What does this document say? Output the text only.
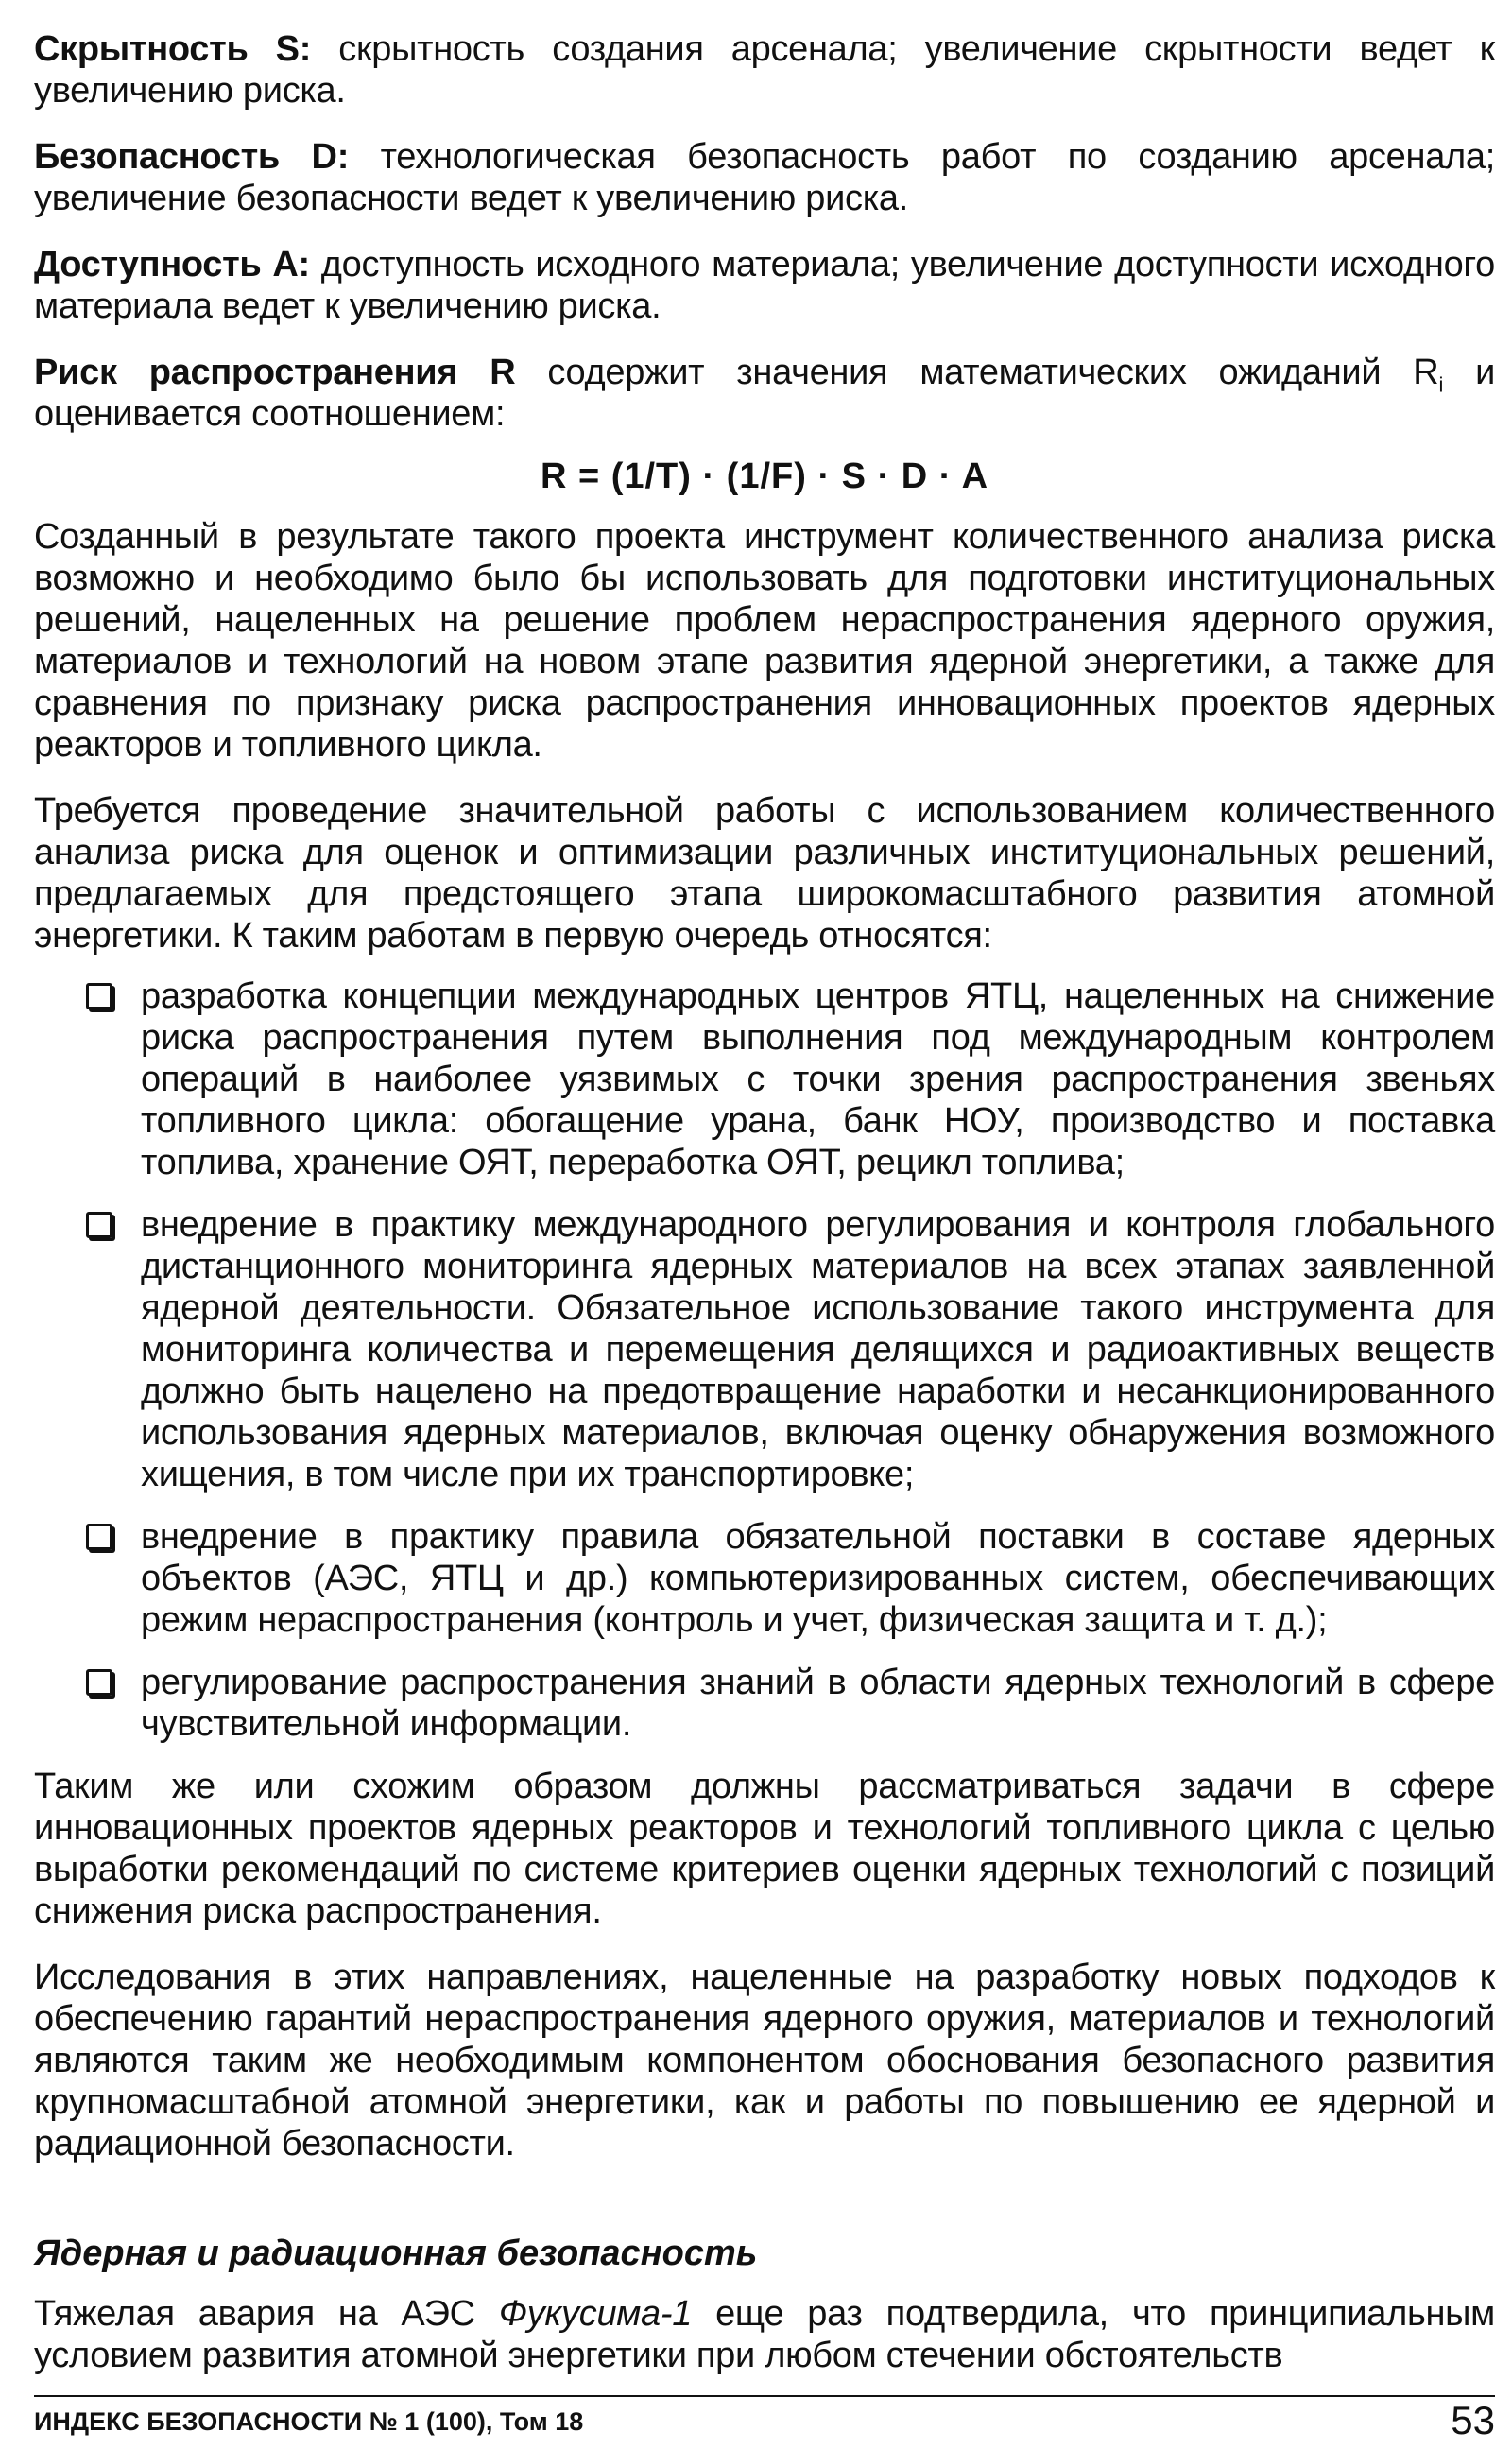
Скрытность S: скрытность создания арсенала; увеличение скрытности ведет к увеличению риска.

Безопасность D: технологическая безопасность работ по созданию арсенала; увеличение безопасности ведет к увеличению риска.

Доступность A: доступность исходного материала; увеличение доступности исходного материала ведет к увеличению риска.

Риск распространения R содержит значения математических ожиданий $R_i$ и оценивается соотношением:

R = (1/T) · (1/F) · S · D · A

Созданный в результате такого проекта инструмент количественного анализа риска возможно и необходимо было бы использовать для подготовки институциональных решений, нацеленных на решение проблем нераспространения ядерного оружия, материалов и технологий на новом этапе развития ядерной энергетики, а также для сравнения по признаку риска распространения инновационных проектов ядерных реакторов и топливного цикла.

Требуется проведение значительной работы с использованием количественного анализа риска для оценок и оптимизации различных институциональных решений, предлагаемых для предстоящего этапа широкомасштабного развития атомной энергетики. К таким работам в первую очередь относятся:

разработка концепции международных центров ЯТЦ, нацеленных на снижение риска распространения путем выполнения под международным контролем операций в наиболее уязвимых с точки зрения распространения звеньях топливного цикла: обогащение урана, банк НОУ, производство и поставка топлива, хранение ОЯТ, переработка ОЯТ, рецикл топлива;
внедрение в практику международного регулирования и контроля глобального дистанционного мониторинга ядерных материалов на всех этапах заявленной ядерной деятельности. Обязательное использование такого инструмента для мониторинга количества и перемещения делящихся и радиоактивных веществ должно быть нацелено на предотвращение наработки и несанкционированного использования ядерных материалов, включая оценку обнаружения возможного хищения, в том числе при их транспортировке;
внедрение в практику правила обязательной поставки в составе ядерных объектов (АЭС, ЯТЦ и др.) компьютеризированных систем, обеспечивающих режим нераспространения (контроль и учет, физическая защита и т. д.);
регулирование распространения знаний в области ядерных технологий в сфере чувствительной информации.

Таким же или схожим образом должны рассматриваться задачи в сфере инновационных проектов ядерных реакторов и технологий топливного цикла с целью выработки рекомендаций по системе критериев оценки ядерных технологий с позиций снижения риска распространения.

Исследования в этих направлениях, нацеленные на разработку новых подходов к обеспечению гарантий нераспространения ядерного оружия, материалов и технологий являются таким же необходимым компонентом обоснования безопасного развития крупномасштабной атомной энергетики, как и работы по повышению ее ядерной и радиационной безопасности.

Ядерная и радиационная безопасность

Тяжелая авария на АЭС Фукусима-1 еще раз подтвердила, что принципиальным условием развития атомной энергетики при любом стечении обстоятельств

ИНДЕКС БЕЗОПАСНОСТИ № 1 (100), Том 18	53
